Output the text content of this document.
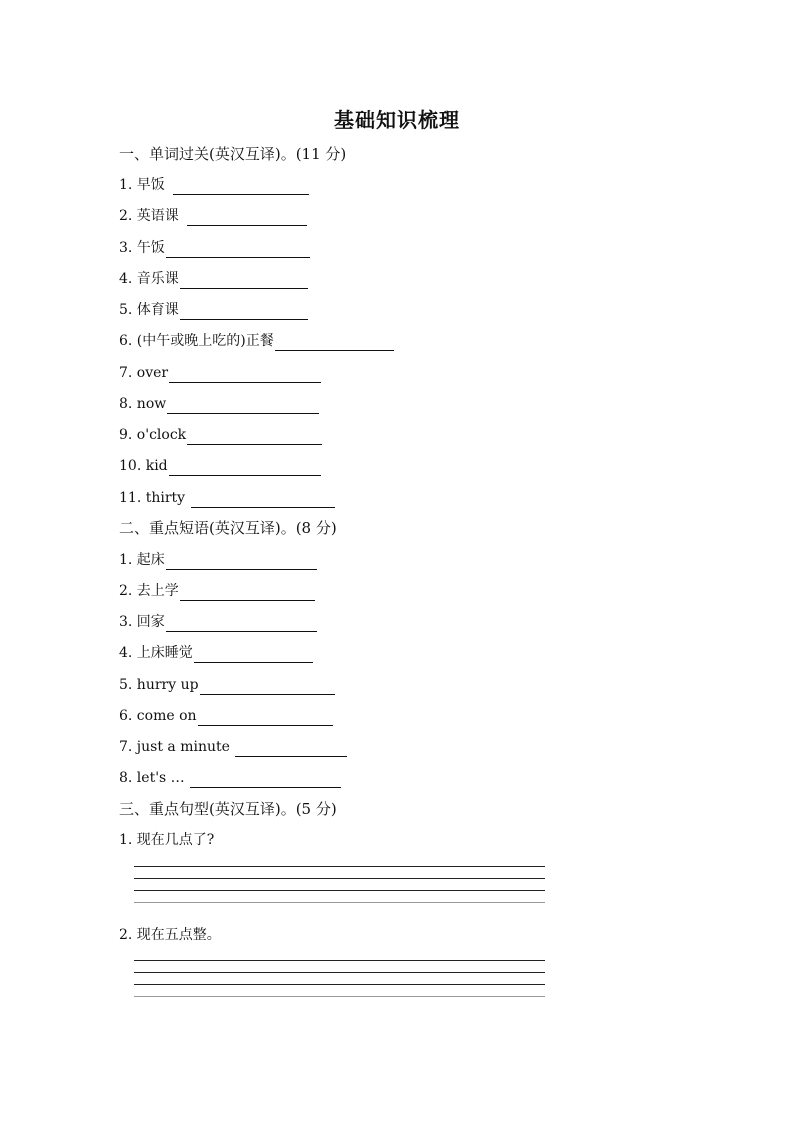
基础知识梳理
一、单词过关(英汉互译)。(11 分)
1. 早饭
2. 英语课
3. 午饭
4. 音乐课
5. 体育课
6. (中午或晚上吃的)正餐
7. over
8. now
9. o'clock
10. kid
11. thirty
二、重点短语(英汉互译)。(8 分)
1. 起床
2. 去上学
3. 回家
4. 上床睡觉
5. hurry up
6. come on
7. just a minute
8. let's …
三、重点句型(英汉互译)。(5 分)
1. 现在几点了?
2. 现在五点整。
